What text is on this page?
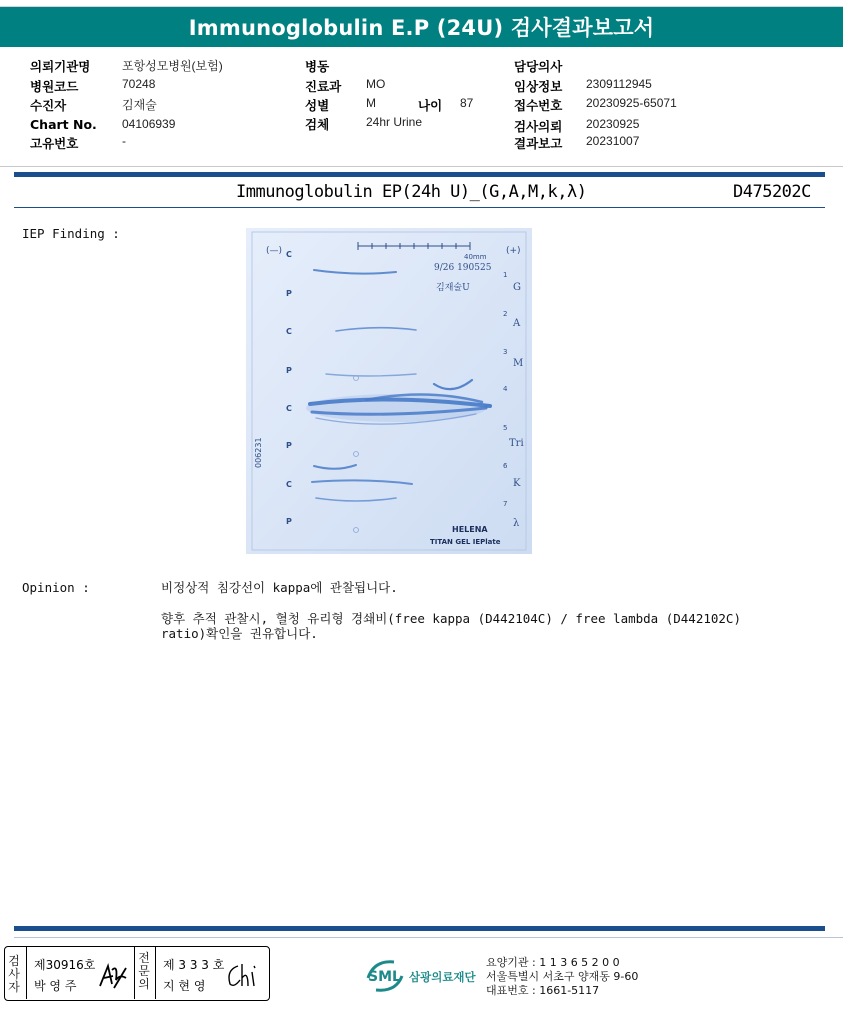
Immunoglobulin E.P (24U) 검사결과보고서
의뢰기관명	포항성모병원(보험)
병원코드	70248
수진자	김재술
Chart No. 04106939
고유번호	-
병동
진료과 MO
성별	M	나이 87
검체	24hr Urine
담당의사
임상정보 2309112945
접수번호 20230925-65071
검사의뢰 20230925
결과보고 20231007
Immunoglobulin EP(24h U)_(G,A,M,k,λ)	D475202C
IEP Finding :
(—)	(+)
40mm
9/26 190525
김재술U
006231
C
P
C
P
C
P
C
P
1
2
3
4
5
6
7
G
A
M
Tri
K
λ
HELENA
TITAN GEL IEPlate
Opinion :	비정상적 침강선이 kappa에 관찰됩니다.
향후 추적 관찰시, 혈청 유리형 경쇄비(free kappa (D442104C) / free lambda (D442102C)
ratio)확인을 권유합니다.
검사자
제30916호
박 영 주
전문의
제 3 3 3 호
지 현 영
SML 삼광의료재단
요양기관 : 1 1 3 6 5 2 0 0
서울특별시 서초구 양재동 9-60
대표번호 : 1661-5117
